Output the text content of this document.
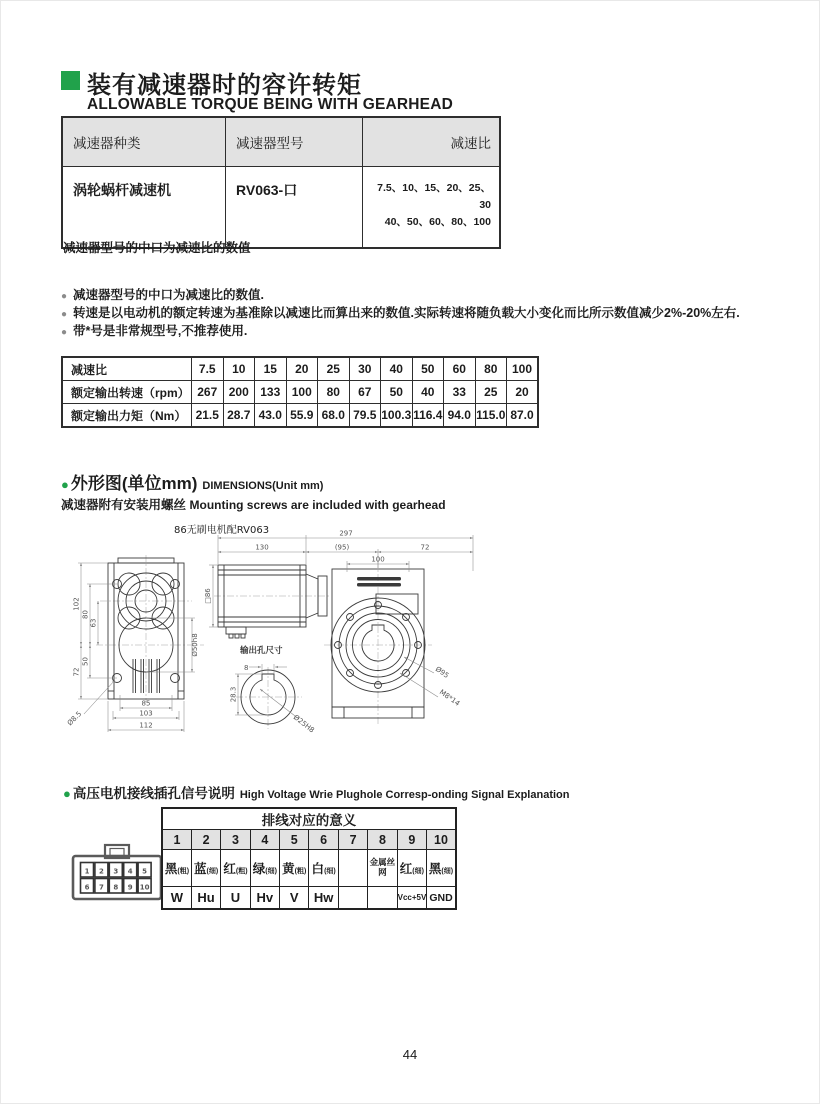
装有减速器时的容许转矩
ALLOWABLE TORQUE BEING WITH GEARHEAD
减速器种类	减速器型号	减速比
涡轮蜗杆减速机	RV063-口	7.5、10、15、20、25、30
40、50、60、80、100
减速器型号的中口为减速比的数值
● 减速器型号的中口为减速比的数值.
● 转速是以电动机的额定转速为基准除以减速比而算出来的数值.实际转速将随负载大小变化而比所示数值减少2%-20%左右.
● 带*号是非常规型号,不推荐使用.
减速比	7.5	10	15	20	25	30	40	50	60	80	100
额定输出转速（rpm）	267	200	133	100	80	67	50	40	33	25	20
额定输出力矩（Nm）	21.5	28.7	43.0	55.9	68.0	79.5	100.3	116.4	94.0	115.0	87.0
● 外形图(单位mm) DIMENSIONS(Unit mm)
减速器附有安装用螺丝 Mounting screws are included with gearhead
86无刷电机配RV063	297
130	(95)	72
100
102
80
63
72
50
85
103
112
Ø8.5
Ø50h8
□86
Ø95
M8*14
输出孔尺寸
8
28.3
Ø25H8
● 高压电机接线插孔信号说明 High Voltage Wrie Plughole Corresp-onding Signal Explanation
1 2 3 4 5
6 7 8 9 10
排线对应的意义									
1	2	3	4	5	6	7	8	9	10
黑(粗)	蓝(细)	红(粗)	绿(细)	黄(粗)	白(细)		金属丝网	红(细)	黑(细)
W	Hu	U	Hv	V	Hw			Vcc+5V	GND
44
